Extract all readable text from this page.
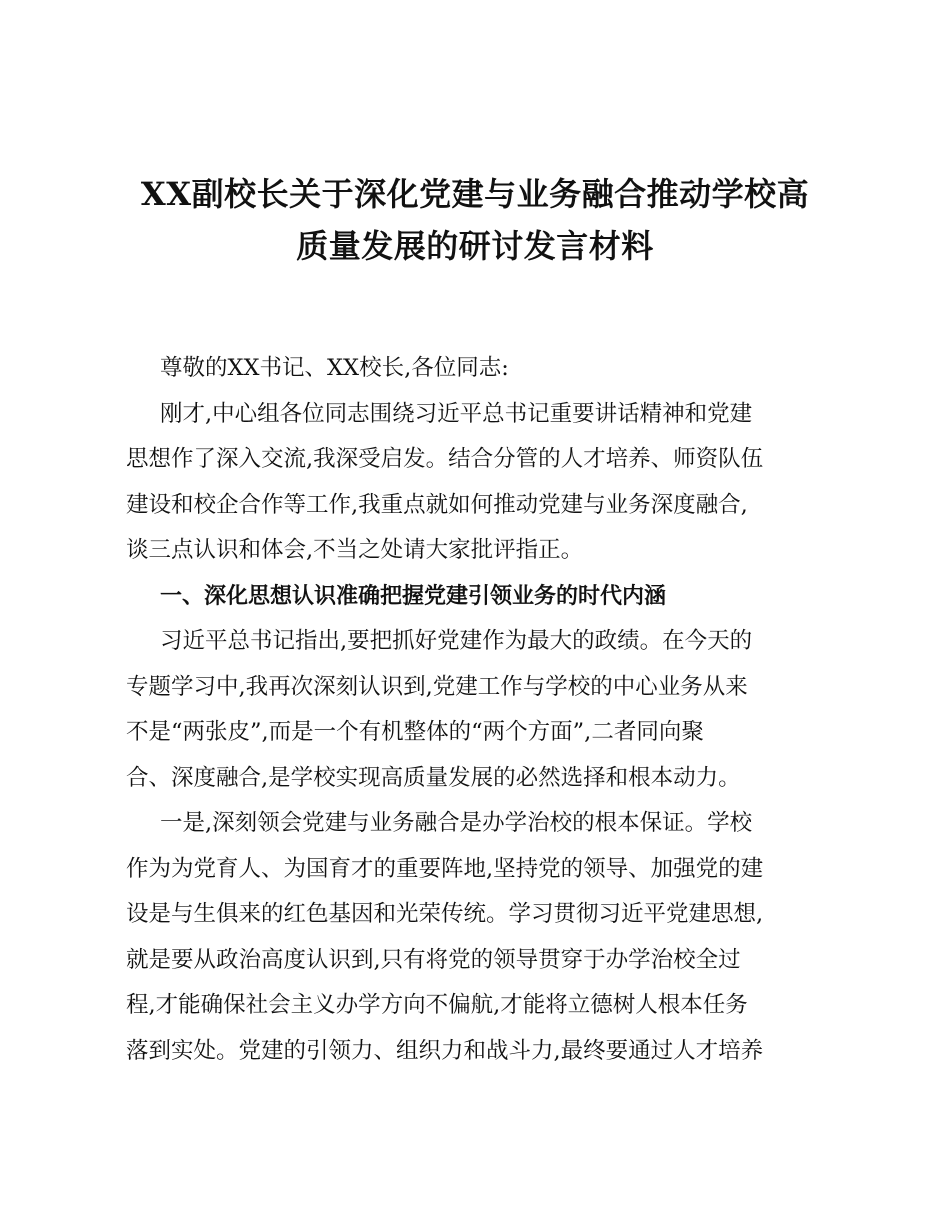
XX副校长关于深化党建与业务融合推动学校高
质量发展的研讨发言材料
尊敬的XX书记、XX校长,各位同志:
刚才,中心组各位同志围绕习近平总书记重要讲话精神和党建
思想作了深入交流,我深受启发。结合分管的人才培养、师资队伍
建设和校企合作等工作,我重点就如何推动党建与业务深度融合,
谈三点认识和体会,不当之处请大家批评指正。
一、深化思想认识准确把握党建引领业务的时代内涵
习近平总书记指出,要把抓好党建作为最大的政绩。在今天的
专题学习中,我再次深刻认识到,党建工作与学校的中心业务从来
不是“两张皮”,而是一个有机整体的“两个方面”,二者同向聚
合、深度融合,是学校实现高质量发展的必然选择和根本动力。
一是,深刻领会党建与业务融合是办学治校的根本保证。学校
作为为党育人、为国育才的重要阵地,坚持党的领导、加强党的建
设是与生俱来的红色基因和光荣传统。学习贯彻习近平党建思想,
就是要从政治高度认识到,只有将党的领导贯穿于办学治校全过
程,才能确保社会主义办学方向不偏航,才能将立德树人根本任务
落到实处。党建的引领力、组织力和战斗力,最终要通过人才培养
